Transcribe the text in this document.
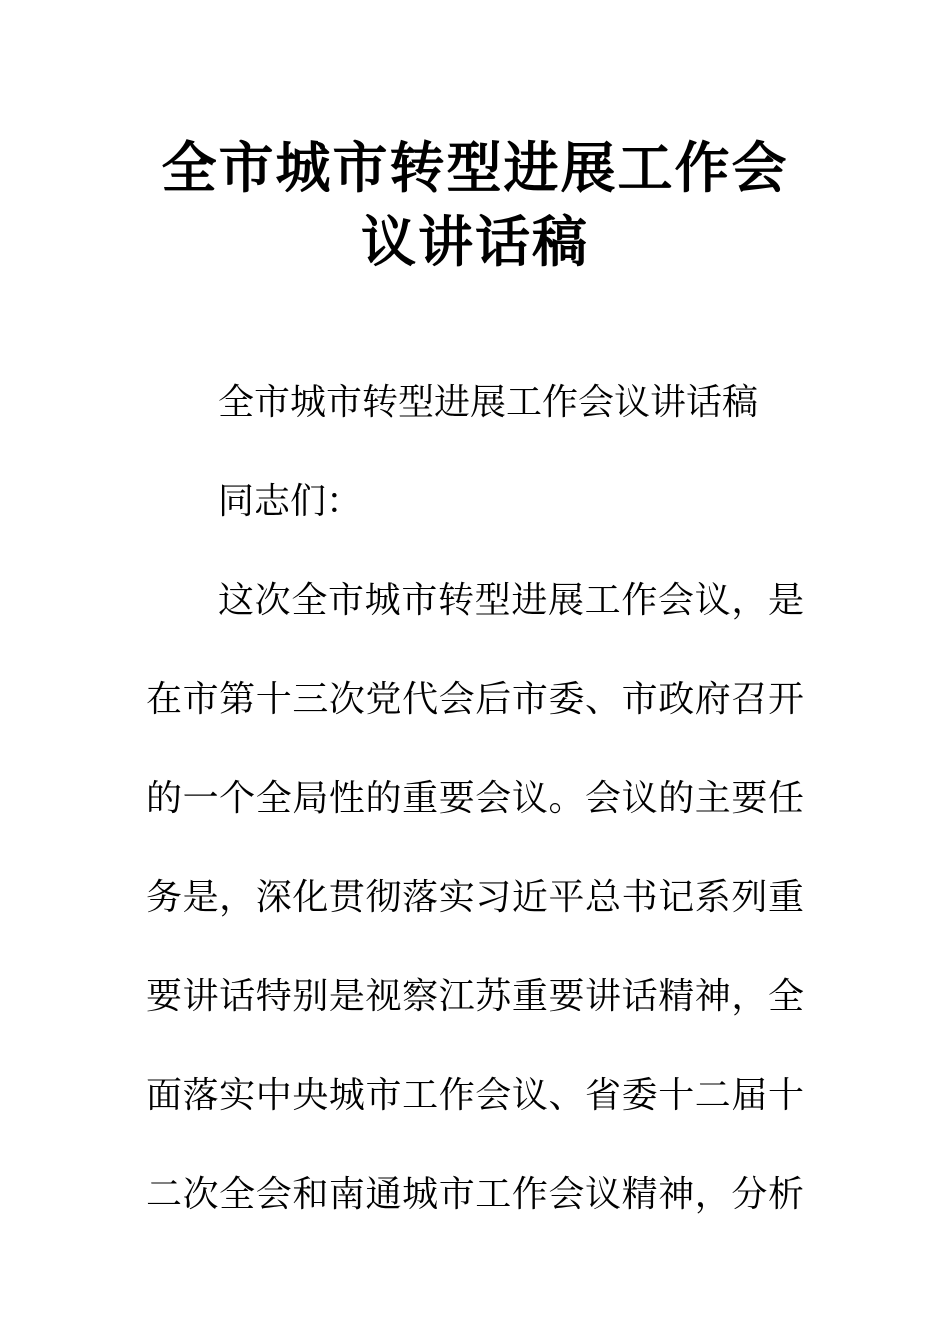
全市城市转型进展工作会
议讲话稿
全市城市转型进展工作会议讲话稿
同志们：
这次全市城市转型进展工作会议，是
在市第十三次党代会后市委、市政府召开
的一个全局性的重要会议。会议的主要任
务是，深化贯彻落实习近平总书记系列重
要讲话特别是视察江苏重要讲话精神，全
面落实中央城市工作会议、省委十二届十
二次全会和南通城市工作会议精神，分析
